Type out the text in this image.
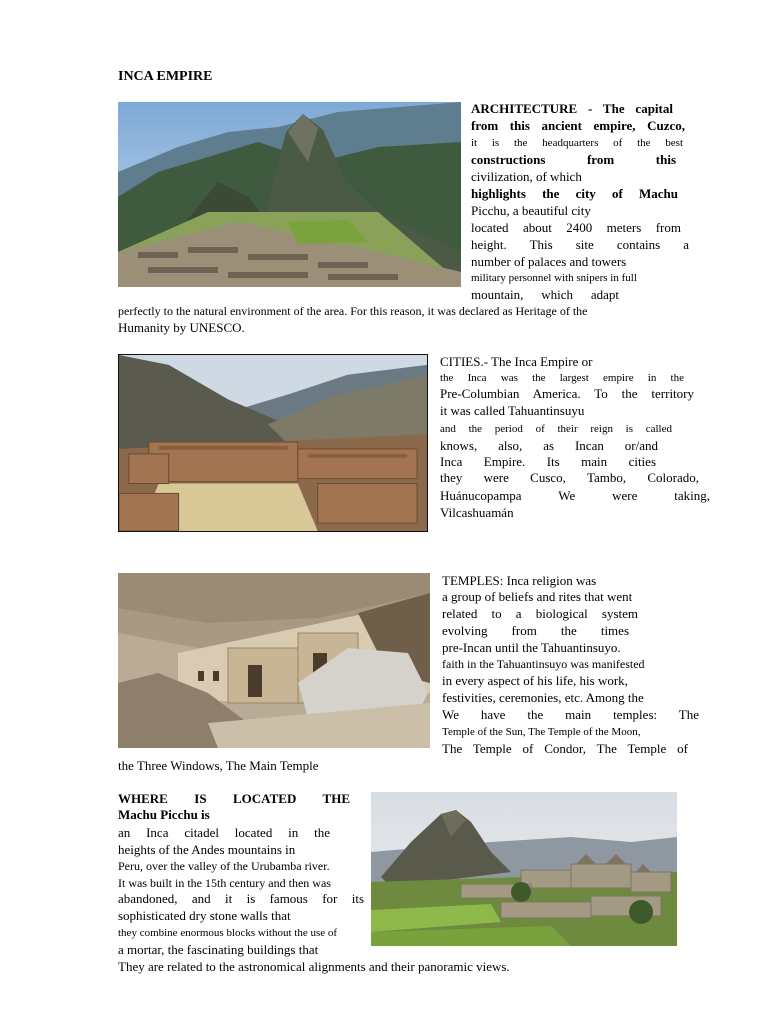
INCA EMPIRE
ARCHITECTURE - The capital
from this ancient empire, Cuzco,
it is the headquarters of the best
constructions from this
civilization, of which
highlights the city of Machu
Picchu, a beautiful city
located about 2400 meters from
height. This site contains a
number of palaces and towers
military personnel with snipers in full
mountain, which adapt
perfectly to the natural environment of the area. For this reason, it was declared as Heritage of the
Humanity by UNESCO.
CITIES.- The Inca Empire or
the Inca was the largest empire in the
Pre-Columbian America. To the territory
it was called Tahuantinsuyu
and the period of their reign is called
knows, also, as Incan or/and
Inca Empire. Its main cities
they were Cusco, Tambo, Colorado,
Huánucopampa We were taking,
Vilcashuamán
TEMPLES: Inca religion was
a group of beliefs and rites that went
related to a biological system
evolving from the times
pre-Incan until the Tahuantinsuyo.
faith in the Tahuantinsuyo was manifested
in every aspect of his life, his work,
festivities, ceremonies, etc. Among the
We have the main temples: The
Temple of the Sun, The Temple of the Moon,
The Temple of Condor, The Temple of
the Three Windows, The Main Temple
WHERE IS LOCATED THE
Machu Picchu is
an Inca citadel located in the
heights of the Andes mountains in
Peru, over the valley of the Urubamba river.
It was built in the 15th century and then was
abandoned, and it is famous for its
sophisticated dry stone walls that
they combine enormous blocks without the use of
a mortar, the fascinating buildings that
They are related to the astronomical alignments and their panoramic views.
